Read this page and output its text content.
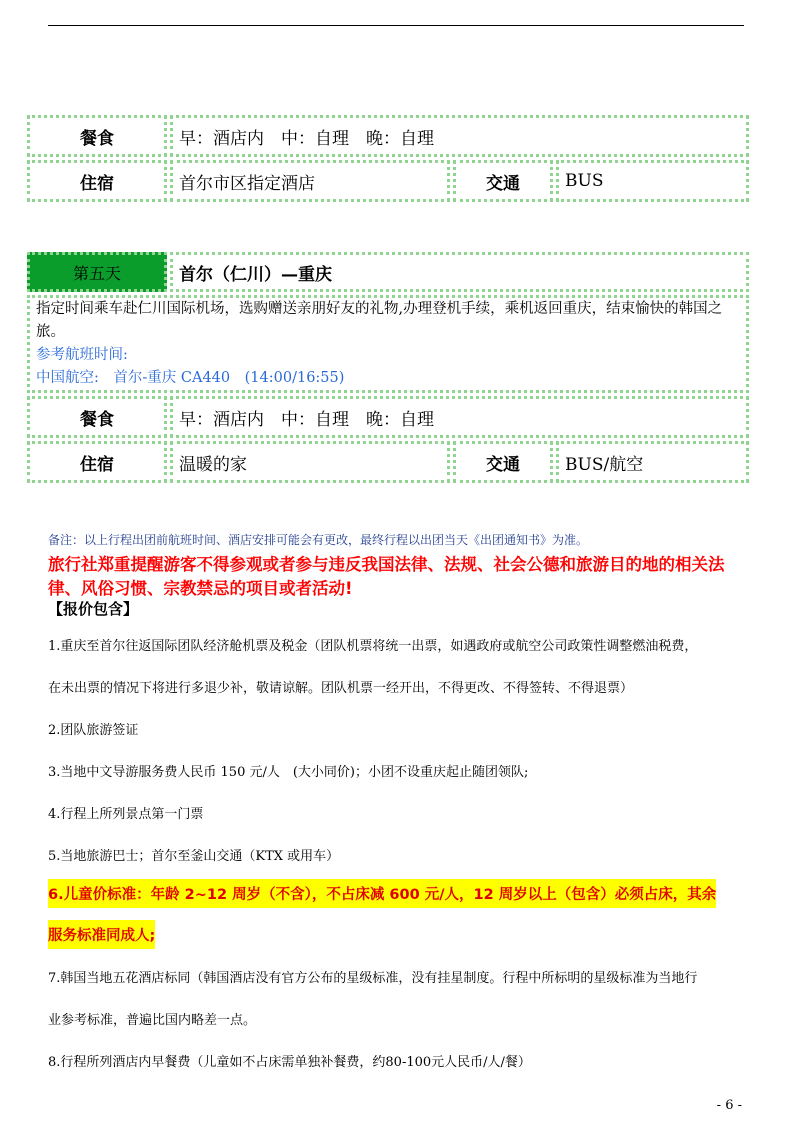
餐食	早：酒店内　中：自理　晚：自理		
住宿	首尔市区指定酒店	交通	BUS
第五天	首尔（仁川）—重庆		

指定时间乘车赴仁川国际机场，选购赠送亲朋好友的礼物,办理登机手续，乘机返回重庆，结束愉快的韩国之旅。
参考航班时间:
中国航空:　首尔-重庆 CA440　(14:00/16:55)			

餐食	早：酒店内　中：自理　晚：自理		
住宿	温暖的家	交通	BUS/航空
备注：以上行程出团前航班时间、酒店安排可能会有更改，最终行程以出团当天《出团通知书》为准。
旅行社郑重提醒游客不得参观或者参与违反我国法律、法规、社会公德和旅游目的地的相关法律、风俗习惯、宗教禁忌的项目或者活动!
【报价包含】
1.重庆至首尔往返国际团队经济舱机票及税金（团队机票将统一出票，如遇政府或航空公司政策性调整燃油税费，
在未出票的情况下将进行多退少补，敬请谅解。团队机票一经开出，不得更改、不得签转、不得退票）
2.团队旅游签证
3.当地中文导游服务费人民币 150 元/人　(大小同价)；小团不设重庆起止随团领队;
4.行程上所列景点第一门票
5.当地旅游巴士；首尔至釜山交通（KTX 或用车）
6.儿童价标准：年龄 2~12 周岁（不含），不占床减 600 元/人，12 周岁以上（包含）必须占床，其余
服务标准同成人;
7.韩国当地五花酒店标同（韩国酒店没有官方公布的星级标准，没有挂星制度。行程中所标明的星级标准为当地行
业参考标准，普遍比国内略差一点。
8.行程所列酒店内早餐费（儿童如不占床需单独补餐费，约80-100元人民币/人/餐）
- 6 -
